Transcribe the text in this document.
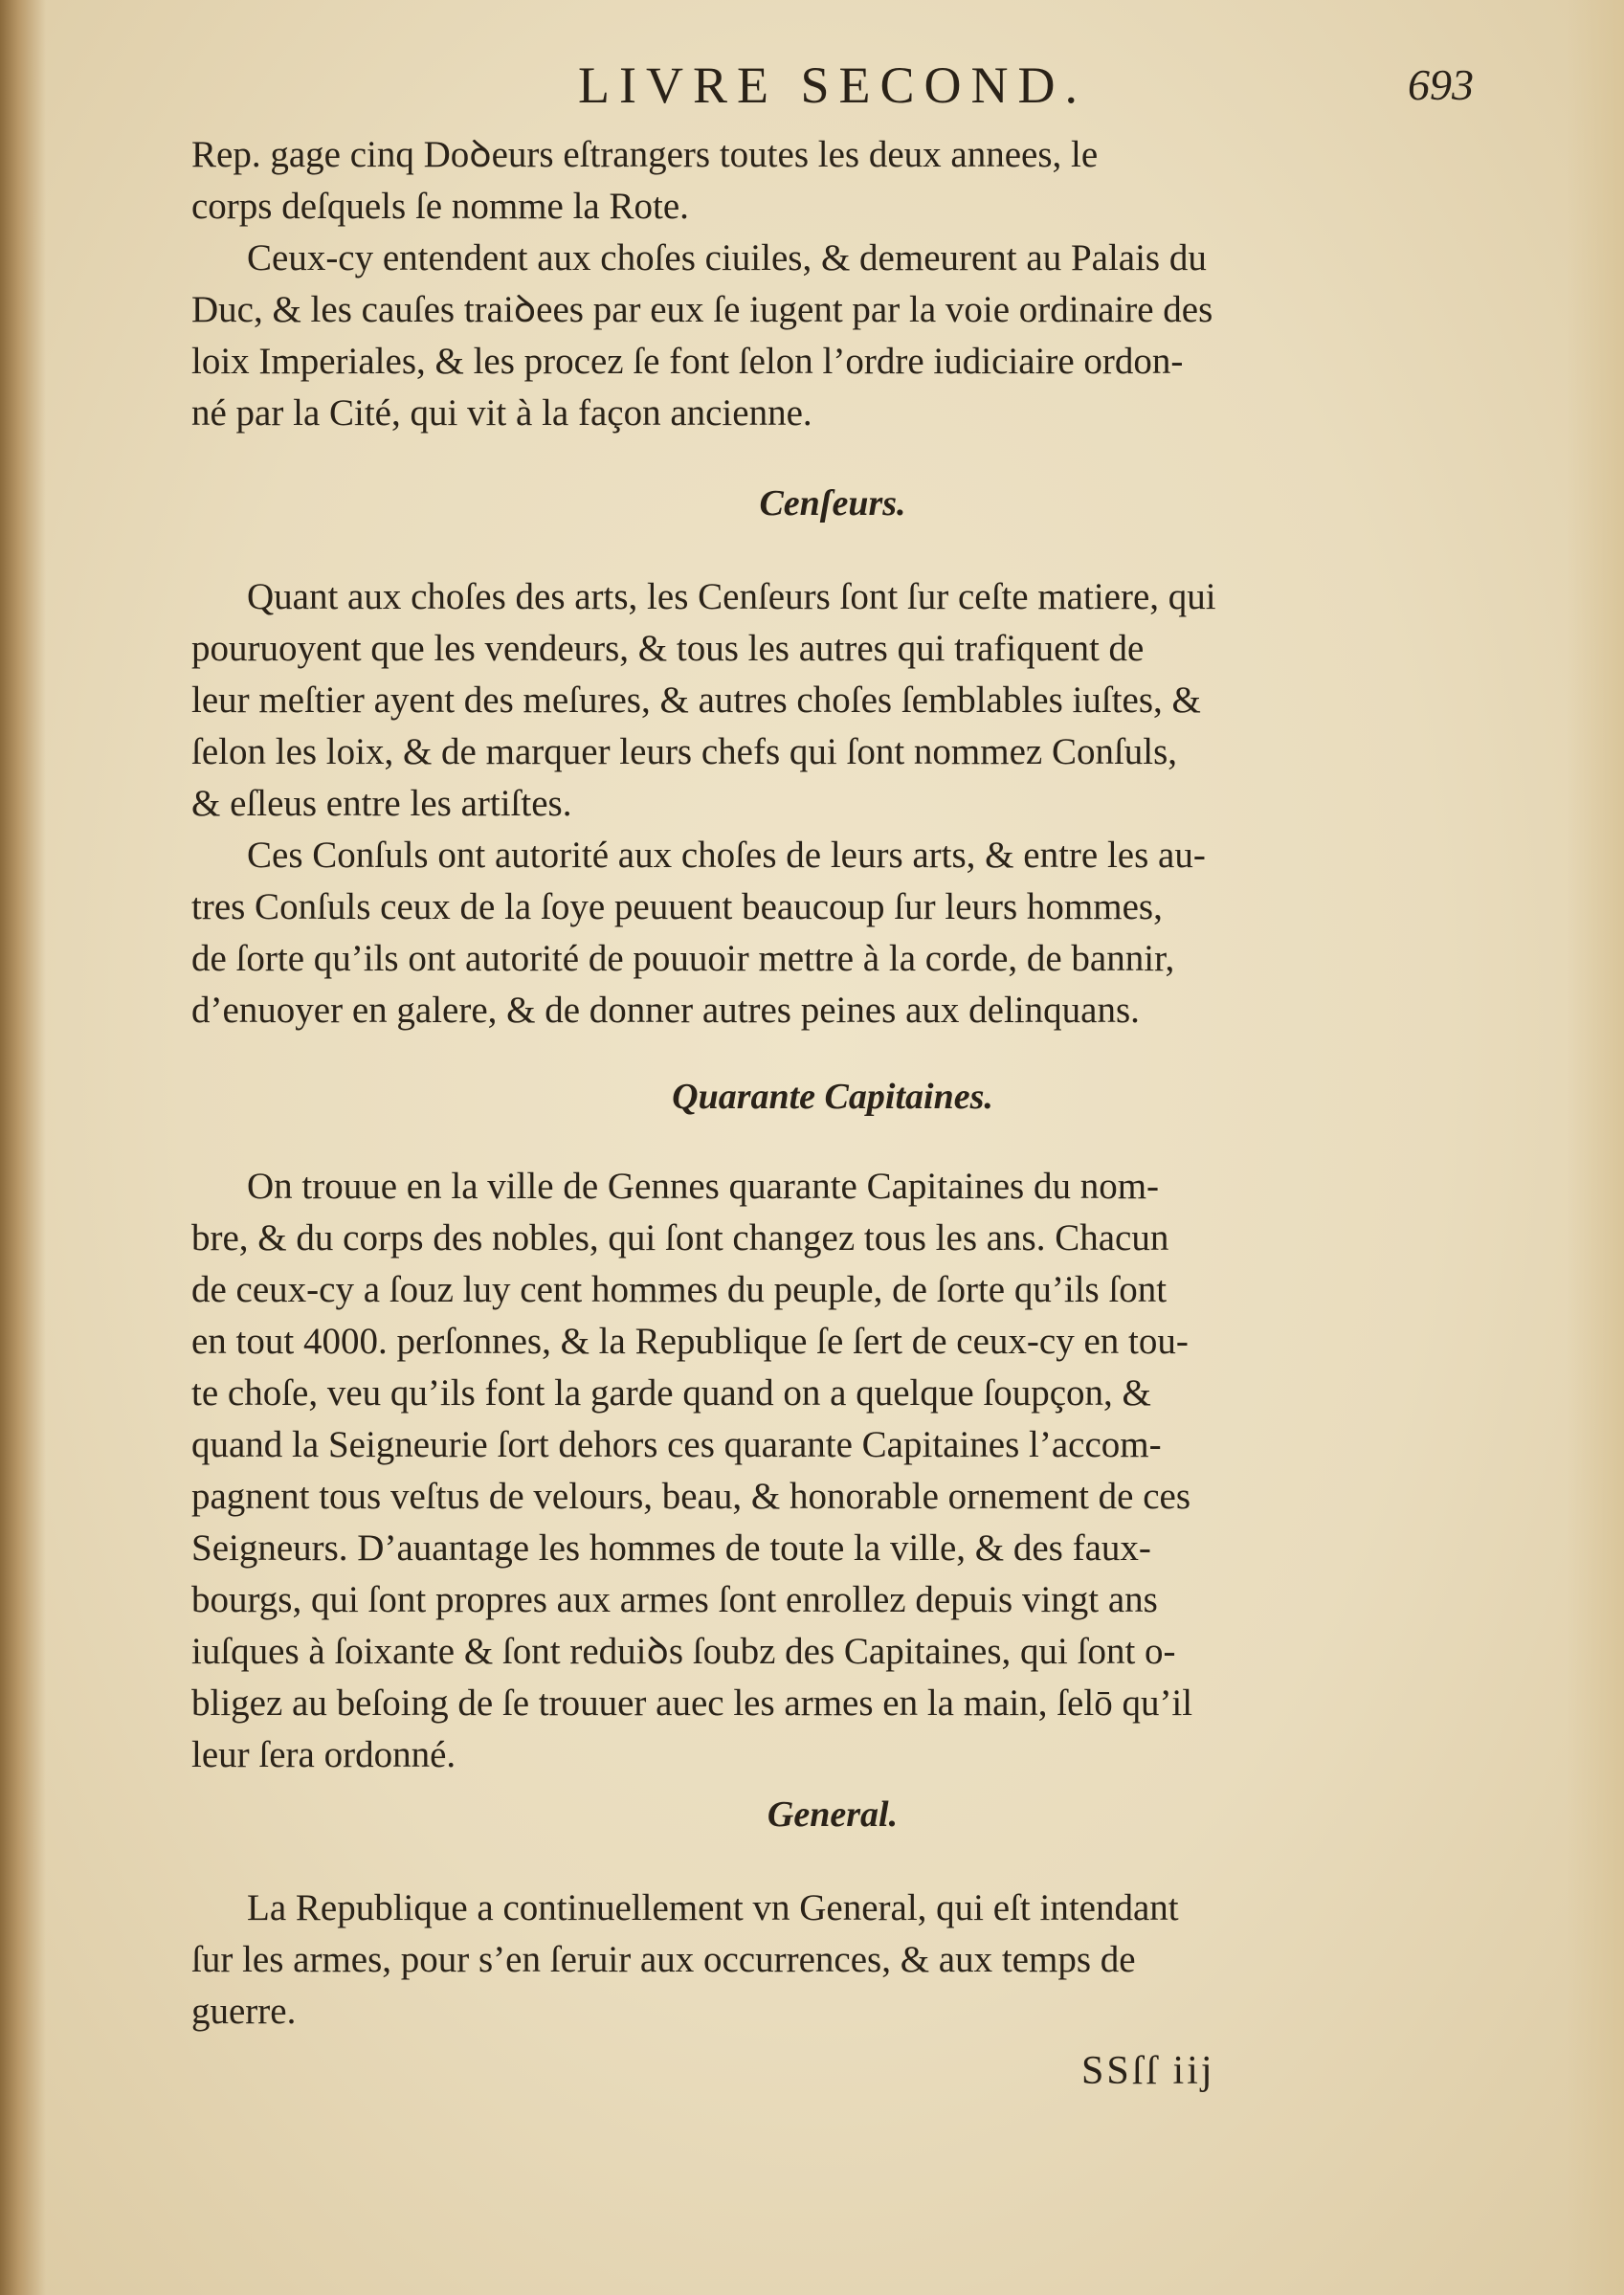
LIVRE SECOND.	693
Rep. gage cinq Doꝺeurs eſtrangers toutes les deux annees, le
corps deſquels ſe nomme la Rote.
Ceux-cy entendent aux choſes ciuiles, & demeurent au Palais du
Duc, & les cauſes traiꝺees par eux ſe iugent par la voie ordinaire des
loix Imperiales, & les procez ſe font ſelon l’ordre iudiciaire ordon-
né par la Cité, qui vit à la façon ancienne.
Cenſeurs.
Quant aux choſes des arts, les Cenſeurs ſont ſur ceſte matiere, qui
pouruoyent que les vendeurs, & tous les autres qui trafiquent de
leur meſtier ayent des meſures, & autres choſes ſemblables iuſtes, &
ſelon les loix, & de marquer leurs chefs qui ſont nommez Conſuls,
& eſleus entre les artiſtes.
Ces Conſuls ont autorité aux choſes de leurs arts, & entre les au-
tres Conſuls ceux de la ſoye peuuent beaucoup ſur leurs hommes,
de ſorte qu’ils ont autorité de pouuoir mettre à la corde, de bannir,
d’enuoyer en galere, & de donner autres peines aux delinquans.
Quarante Capitaines.
On trouue en la ville de Gennes quarante Capitaines du nom-
bre, & du corps des nobles, qui ſont changez tous les ans. Chacun
de ceux-cy a ſouz luy cent hommes du peuple, de ſorte qu’ils ſont
en tout 4000. perſonnes, & la Republique ſe ſert de ceux-cy en tou-
te choſe, veu qu’ils font la garde quand on a quelque ſoupçon, &
quand la Seigneurie ſort dehors ces quarante Capitaines l’accom-
pagnent tous veſtus de velours, beau, & honorable ornement de ces
Seigneurs. D’auantage les hommes de toute la ville, & des faux-
bourgs, qui ſont propres aux armes ſont enrollez depuis vingt ans
iuſques à ſoixante & ſont reduiꝺs ſoubz des Capitaines, qui ſont o-
bligez au beſoing de ſe trouuer auec les armes en la main, ſelō qu’il
leur ſera ordonné.
General.
La Republique a continuellement vn General, qui eſt intendant
ſur les armes, pour s’en ſeruir aux occurrences, & aux temps de
guerre.
SSſſ iij
